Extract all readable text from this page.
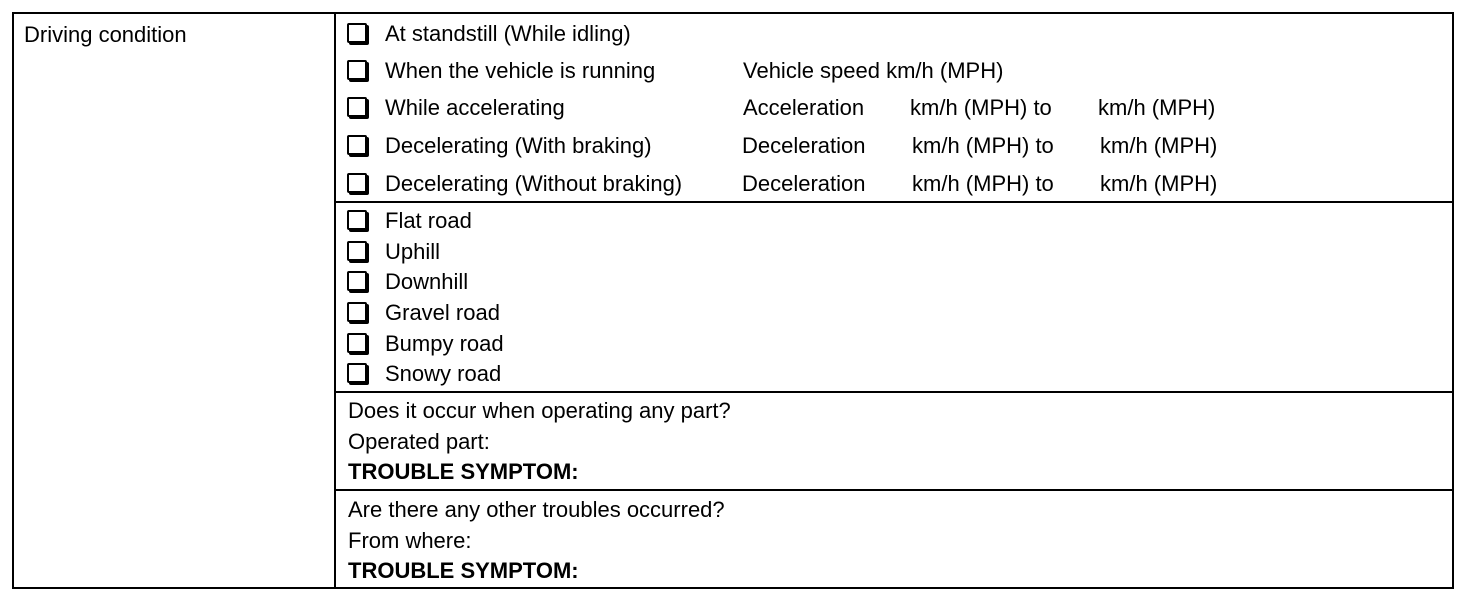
Driving condition	At standstill (While idling)
When the vehicle is running	Vehicle speed km/h (MPH)
While accelerating	Acceleration km/h (MPH) to km/h (MPH)
Decelerating (With braking)	Deceleration km/h (MPH) to km/h (MPH)
Decelerating (Without braking)	Deceleration km/h (MPH) to km/h (MPH)
Flat road
Uphill
Downhill
Gravel road
Bumpy road
Snowy road
Does it occur when operating any part?
Operated part:
TROUBLE SYMPTOM:
Are there any other troubles occurred?
From where:
TROUBLE SYMPTOM:
